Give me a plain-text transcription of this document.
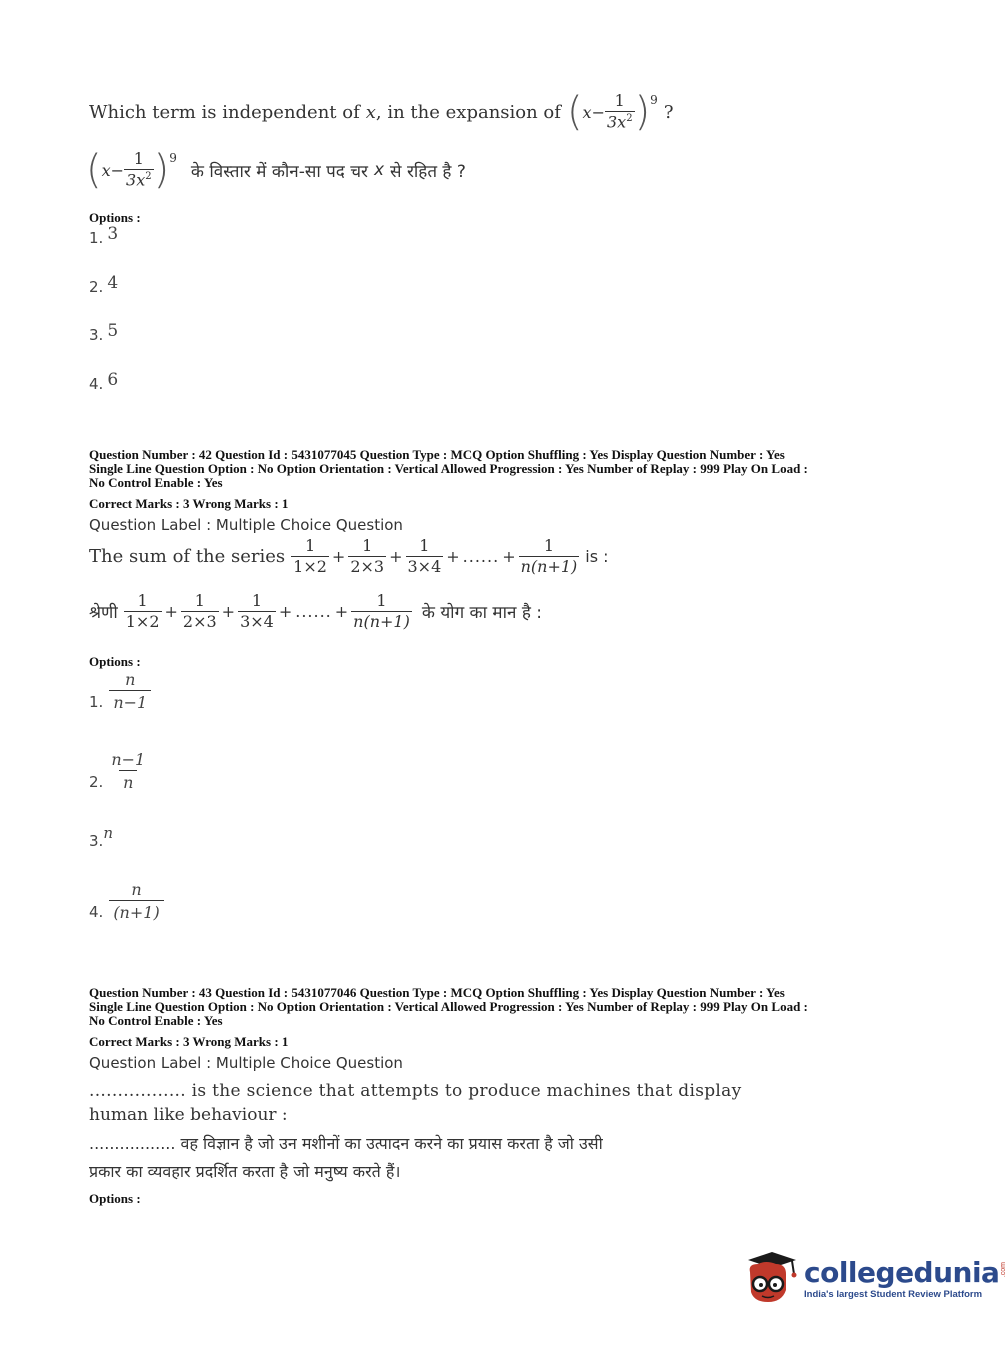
Which term is independent of x , in the expansion of ( $x - \frac{1}{3x^2}$ ) 9
?
( $x - \frac{1}{3x^2}$ ) 9
के विस्तार में कौन-सा पद चर x से रहित है ?
Options :
1. 3
2. 4
3. 5
4. 6
Question Number : 42 Question Id : 5431077045 Question Type : MCQ Option Shuffling : Yes Display Question Number : Yes
Single Line Question Option : No Option Orientation : Vertical Allowed Progression : Yes Number of Replay : 999 Play On Load :
No Control Enable : Yes
Correct Marks : 3 Wrong Marks : 1
Question Label : Multiple Choice Question
The sum of the series $\frac{1}{1\times 2} + \frac{1}{2\times 3} + \frac{1}{3\times 4}$ + ...... + $\frac{1}{n(n+1)}$ is :
श्रेणी $\frac{1}{1\times 2} + \frac{1}{2\times 3} + \frac{1}{3\times 4}$ + ...... + $\frac{1}{n(n+1)}$ के योग का मान है :
Options :
1. $\frac{n}{n-1}$
2. $\frac{n-1}{n}$
3.n
4. $\frac{n}{(n+1)}$
Question Number : 43 Question Id : 5431077046 Question Type : MCQ Option Shuffling : Yes Display Question Number : Yes
Single Line Question Option : No Option Orientation : Vertical Allowed Progression : Yes Number of Replay : 999 Play On Load :
No Control Enable : Yes
Correct Marks : 3 Wrong Marks : 1
Question Label : Multiple Choice Question
................. is the science that attempts to produce machines that display
human like behaviour :
................. वह विज्ञान है जो उन मशीनों का उत्पादन करने का प्रयास करता है जो उसी
प्रकार का व्यवहार प्रदर्शित करता है जो मनुष्य करते हैं।
Options :
collegedunia .com
India's largest Student Review Platform
